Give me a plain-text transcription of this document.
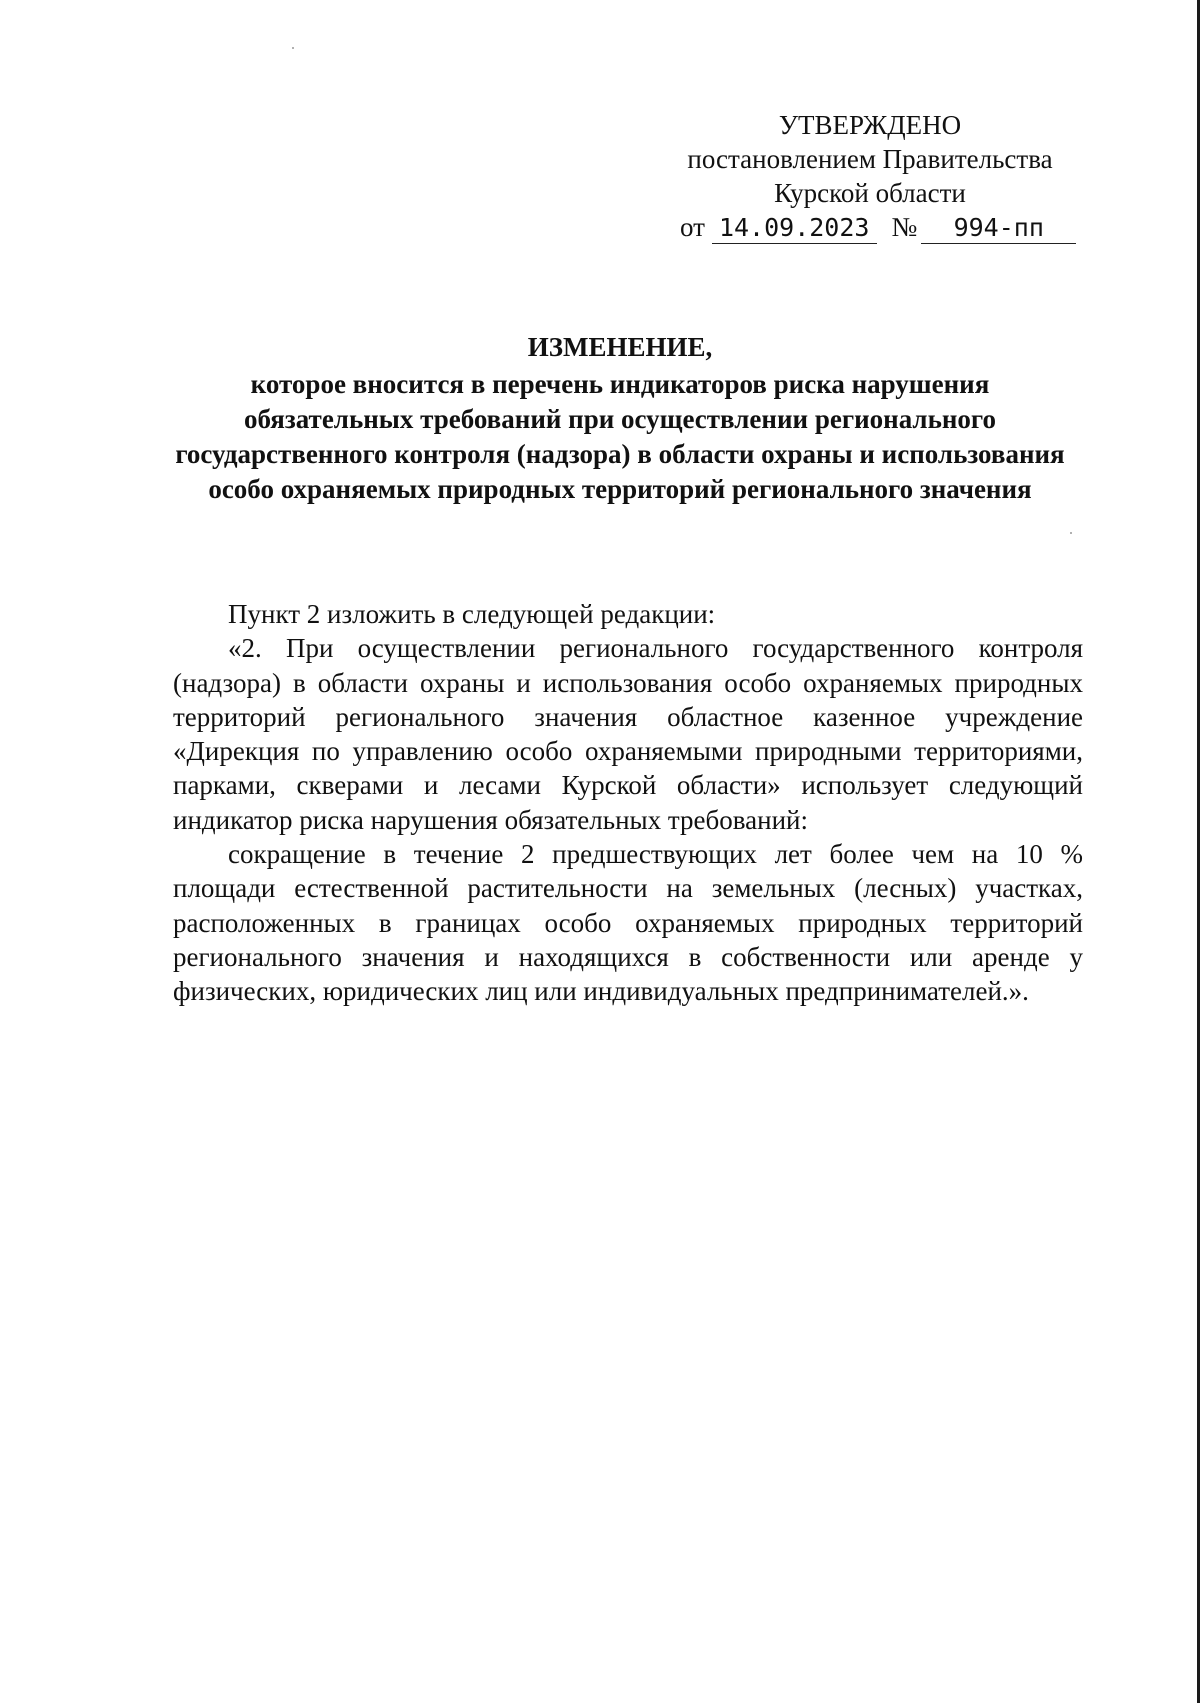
УТВЕРЖДЕНО
постановлением Правительства
Курской области
от 14.09.2023 № 994-пп
ИЗМЕНЕНИЕ,
которое вносится в перечень индикаторов риска нарушения обязательных требований при осуществлении регионального государственного контроля (надзора) в области охраны и использования особо охраняемых природных территорий регионального значения

Пункт 2 изложить в следующей редакции:

«2. При осуществлении регионального государственного контроля (надзора) в области охраны и использования особо охраняемых природных территорий регионального значения областное казенное учреждение «Дирекция по управлению особо охраняемыми природными территориями, парками, скверами и лесами Курской области» использует следующий индикатор риска нарушения обязательных требований:

сокращение в течение 2 предшествующих лет более чем на 10 % площади естественной растительности на земельных (лесных) участках, расположенных в границах особо охраняемых природных территорий регионального значения и находящихся в собственности или аренде у физических, юридических лиц или индивидуальных предпринимателей.».
